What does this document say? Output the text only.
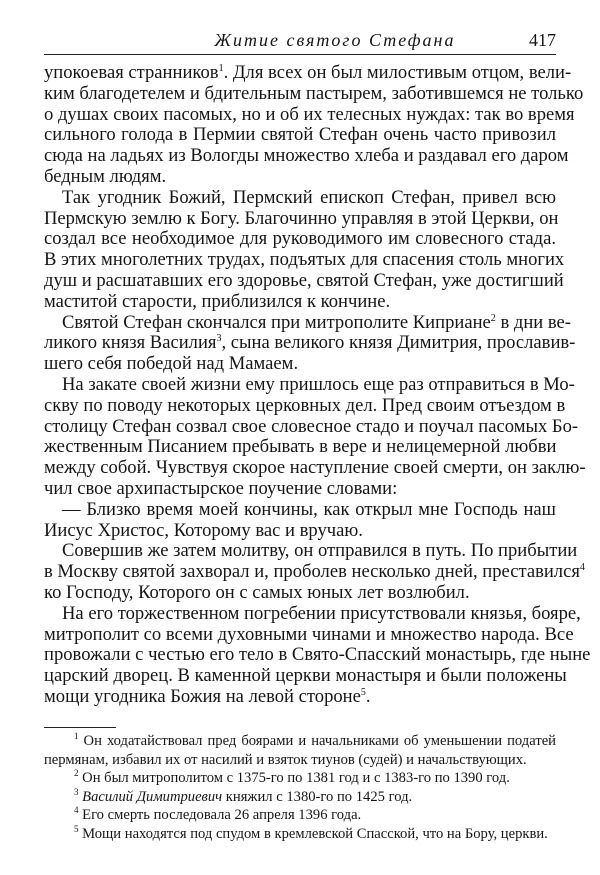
Житие святого Стефана	417
упокоевая странников$^1$. Для всех он был милостивым отцом, вели-
ким благодетелем и бдительным пастырем, заботившемся не только
о душах своих пасомых, но и об их телесных нуждах: так во время
сильного голода в Пермии святой Стефан очень часто привозил
сюда на ладьях из Вологды множество хлеба и раздавал его даром
бедным людям.
Так угодник Божий, Пермский епископ Стефан, привел всю
Пермскую землю к Богу. Благочинно управляя в этой Церкви, он
создал все необходимое для руководимого им словесного стада.
В этих многолетних трудах, подъятых для спасения столь многих
душ и расшатавших его здоровье, святой Стефан, уже достигший
маститой старости, приблизился к кончине.
Святой Стефан скончался при митрополите Киприане$^2$ в дни ве-
ликого князя Василия$^3$, сына великого князя Димитрия, прославив-
шего себя победой над Мамаем.
На закате своей жизни ему пришлось еще раз отправиться в Мо-
скву по поводу некоторых церковных дел. Пред своим отъездом в
столицу Стефан созвал свое словесное стадо и поучал пасомых Бо-
жественным Писанием пребывать в вере и нелицемерной любви
между собой. Чувствуя скорое наступление своей смерти, он заклю-
чил свое архипастырское поучение словами:
— Близко время моей кончины, как открыл мне Господь наш
Иисус Христос, Которому вас и вручаю.
Совершив же затем молитву, он отправился в путь. По прибытии
в Москву святой захворал и, проболев несколько дней, преставился$^4$
ко Господу, Которого он с самых юных лет возлюбил.
На его торжественном погребении присутствовали князья, бояре,
митрополит со всеми духовными чинами и множество народа. Все
провожали с честью его тело в Свято-Спасский монастырь, где ныне
царский дворец. В каменной церкви монастыря и были положены
мощи угодника Божия на левой стороне$^5$.
$^1$ Он ходатайствовал пред боярами и начальниками об уменьшении податей
пермянам, избавил их от насилий и взяток тиунов (судей) и начальствующих.
$^2$ Он был митрополитом с 1375-го по 1381 год и с 1383-го по 1390 год.
$^3$ Василий Димитриевич княжил с 1380-го по 1425 год.
$^4$ Его смерть последовала 26 апреля 1396 года.
$^5$ Мощи находятся под спудом в кремлевской Спасской, что на Бору, церкви.
